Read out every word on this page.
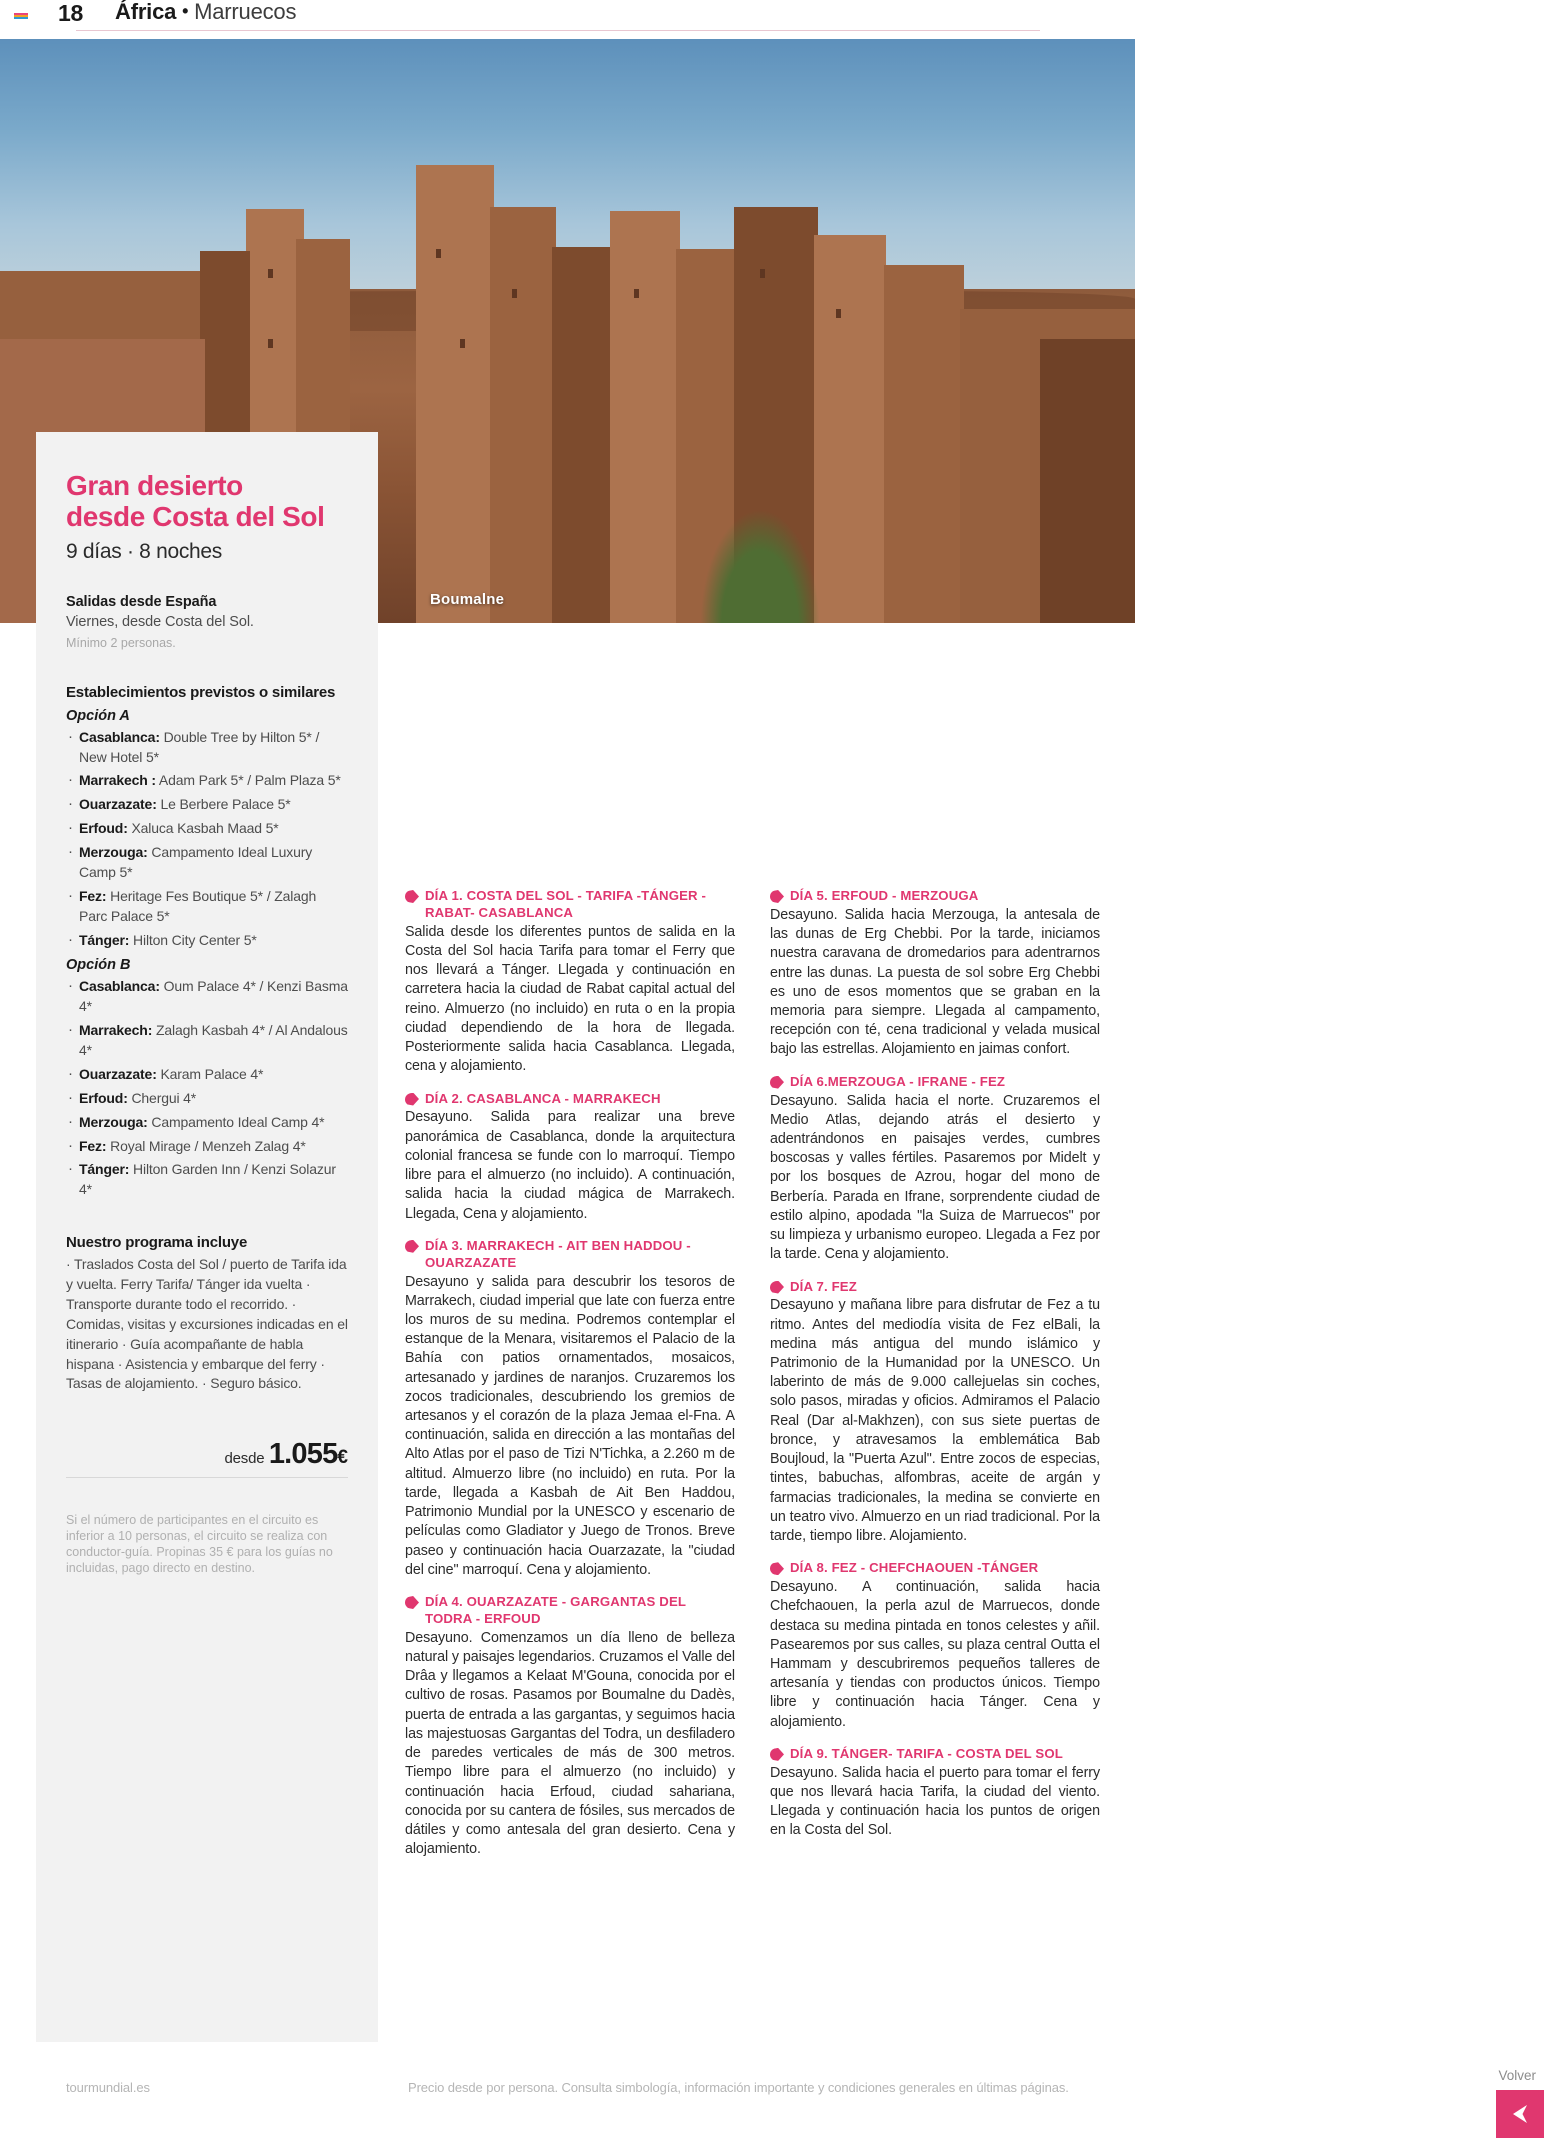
18 África • Marruecos
Boumalne
Gran desierto
desde Costa del Sol
9 días · 8 noches
Salidas desde España
Viernes, desde Costa del Sol.
Mínimo 2 personas.
Establecimientos previstos o similares
Opción A
· Casablanca: Double Tree by Hilton 5* / New Hotel 5*
· Marrakech : Adam Park 5* / Palm Plaza 5*
· Ouarzazate: Le Berbere Palace 5*
· Erfoud: Xaluca Kasbah Maad 5*
· Merzouga: Campamento Ideal Luxury Camp 5*
· Fez: Heritage Fes Boutique 5* / Zalagh Parc Palace 5*
· Tánger: Hilton City Center 5*
Opción B
· Casablanca: Oum Palace 4* / Kenzi Basma 4*
· Marrakech: Zalagh Kasbah 4* / Al Andalous 4*
· Ouarzazate: Karam Palace 4*
· Erfoud: Chergui 4*
· Merzouga: Campamento Ideal Camp 4*
· Fez: Royal Mirage / Menzeh Zalag 4*
· Tánger: Hilton Garden Inn / Kenzi Solazur 4*
Nuestro programa incluye
· Traslados Costa del Sol / puerto de Tarifa ida y vuelta. Ferry Tarifa/ Tánger ida vuelta · Transporte durante todo el recorrido. · Comidas, visitas y excursiones indicadas en el itinerario · Guía acompañante de habla hispana · Asistencia y embarque del ferry · Tasas de alojamiento. · Seguro básico.
desde 1.055€
Si el número de participantes en el circuito es inferior a 10 personas, el circuito se realiza con conductor-guía. Propinas 35 € para los guías no incluidas, pago directo en destino.
DÍA 1. COSTA DEL SOL - TARIFA -TÁNGER - RABAT- CASABLANCA
Salida desde los diferentes puntos de salida en la Costa del Sol hacia Tarifa para tomar el Ferry que nos llevará a Tánger. Llegada y continuación en carretera hacia la ciudad de Rabat capital actual del reino. Almuerzo (no incluido) en ruta o en la propia ciudad dependiendo de la hora de llegada. Posteriormente salida hacia Casablanca. Llegada, cena y alojamiento.
DÍA 2. CASABLANCA - MARRAKECH
Desayuno. Salida para realizar una breve panorámica de Casablanca, donde la arquitectura colonial francesa se funde con lo marroquí. Tiempo libre para el almuerzo (no incluido). A continuación, salida hacia la ciudad mágica de Marrakech. Llegada, Cena y alojamiento.
DÍA 3. MARRAKECH - AIT BEN HADDOU - OUARZAZATE
Desayuno y salida para descubrir los tesoros de Marrakech, ciudad imperial que late con fuerza entre los muros de su medina. Podremos contemplar el estanque de la Menara, visitaremos el Palacio de la Bahía con patios ornamentados, mosaicos, artesanado y jardines de naranjos. Cruzaremos los zocos tradicionales, descubriendo los gremios de artesanos y el corazón de la plaza Jemaa el-Fna. A continuación, salida en dirección a las montañas del Alto Atlas por el paso de Tizi N'Tichka, a 2.260 m de altitud. Almuerzo libre (no incluido) en ruta. Por la tarde, llegada a Kasbah de Ait Ben Haddou, Patrimonio Mundial por la UNESCO y escenario de películas como Gladiator y Juego de Tronos. Breve paseo y continuación hacia Ouarzazate, la "ciudad del cine" marroquí. Cena y alojamiento.
DÍA 4. OUARZAZATE - GARGANTAS DEL TODRA - ERFOUD
Desayuno. Comenzamos un día lleno de belleza natural y paisajes legendarios. Cruzamos el Valle del Drâa y llegamos a Kelaat M'Gouna, conocida por el cultivo de rosas. Pasamos por Boumalne du Dadès, puerta de entrada a las gargantas, y seguimos hacia las majestuosas Gargantas del Todra, un desfiladero de paredes verticales de más de 300 metros. Tiempo libre para el almuerzo (no incluido) y continuación hacia Erfoud, ciudad sahariana, conocida por su cantera de fósiles, sus mercados de dátiles y como antesala del gran desierto. Cena y alojamiento.
DÍA 5. ERFOUD - MERZOUGA
Desayuno. Salida hacia Merzouga, la antesala de las dunas de Erg Chebbi. Por la tarde, iniciamos nuestra caravana de dromedarios para adentrarnos entre las dunas. La puesta de sol sobre Erg Chebbi es uno de esos momentos que se graban en la memoria para siempre. Llegada al campamento, recepción con té, cena tradicional y velada musical bajo las estrellas. Alojamiento en jaimas confort.
DÍA 6.MERZOUGA - IFRANE - FEZ
Desayuno. Salida hacia el norte. Cruzaremos el Medio Atlas, dejando atrás el desierto y adentrándonos en paisajes verdes, cumbres boscosas y valles fértiles. Pasaremos por Midelt y por los bosques de Azrou, hogar del mono de Berbería. Parada en Ifrane, sorprendente ciudad de estilo alpino, apodada "la Suiza de Marruecos" por su limpieza y urbanismo europeo. Llegada a Fez por la tarde. Cena y alojamiento.
DÍA 7. FEZ
Desayuno y mañana libre para disfrutar de Fez a tu ritmo. Antes del mediodía visita de Fez elBali, la medina más antigua del mundo islámico y Patrimonio de la Humanidad por la UNESCO. Un laberinto de más de 9.000 callejuelas sin coches, solo pasos, miradas y oficios. Admiramos el Palacio Real (Dar al-Makhzen), con sus siete puertas de bronce, y atravesamos la emblemática Bab Boujloud, la "Puerta Azul". Entre zocos de especias, tintes, babuchas, alfombras, aceite de argán y farmacias tradicionales, la medina se convierte en un teatro vivo. Almuerzo en un riad tradicional. Por la tarde, tiempo libre. Alojamiento.
DÍA 8. FEZ - CHEFCHAOUEN -TÁNGER
Desayuno. A continuación, salida hacia Chefchaouen, la perla azul de Marruecos, donde destaca su medina pintada en tonos celestes y añil. Pasearemos por sus calles, su plaza central Outta el Hammam y descubriremos pequeños talleres de artesanía y tiendas con productos únicos. Tiempo libre y continuación hacia Tánger. Cena y alojamiento.
DÍA 9. TÁNGER- TARIFA - COSTA DEL SOL
Desayuno. Salida hacia el puerto para tomar el ferry que nos llevará hacia Tarifa, la ciudad del viento. Llegada y continuación hacia los puntos de origen en la Costa del Sol.
tourmundial.es	Precio desde por persona. Consulta simbología, información importante y condiciones generales en últimas páginas.
Volver
